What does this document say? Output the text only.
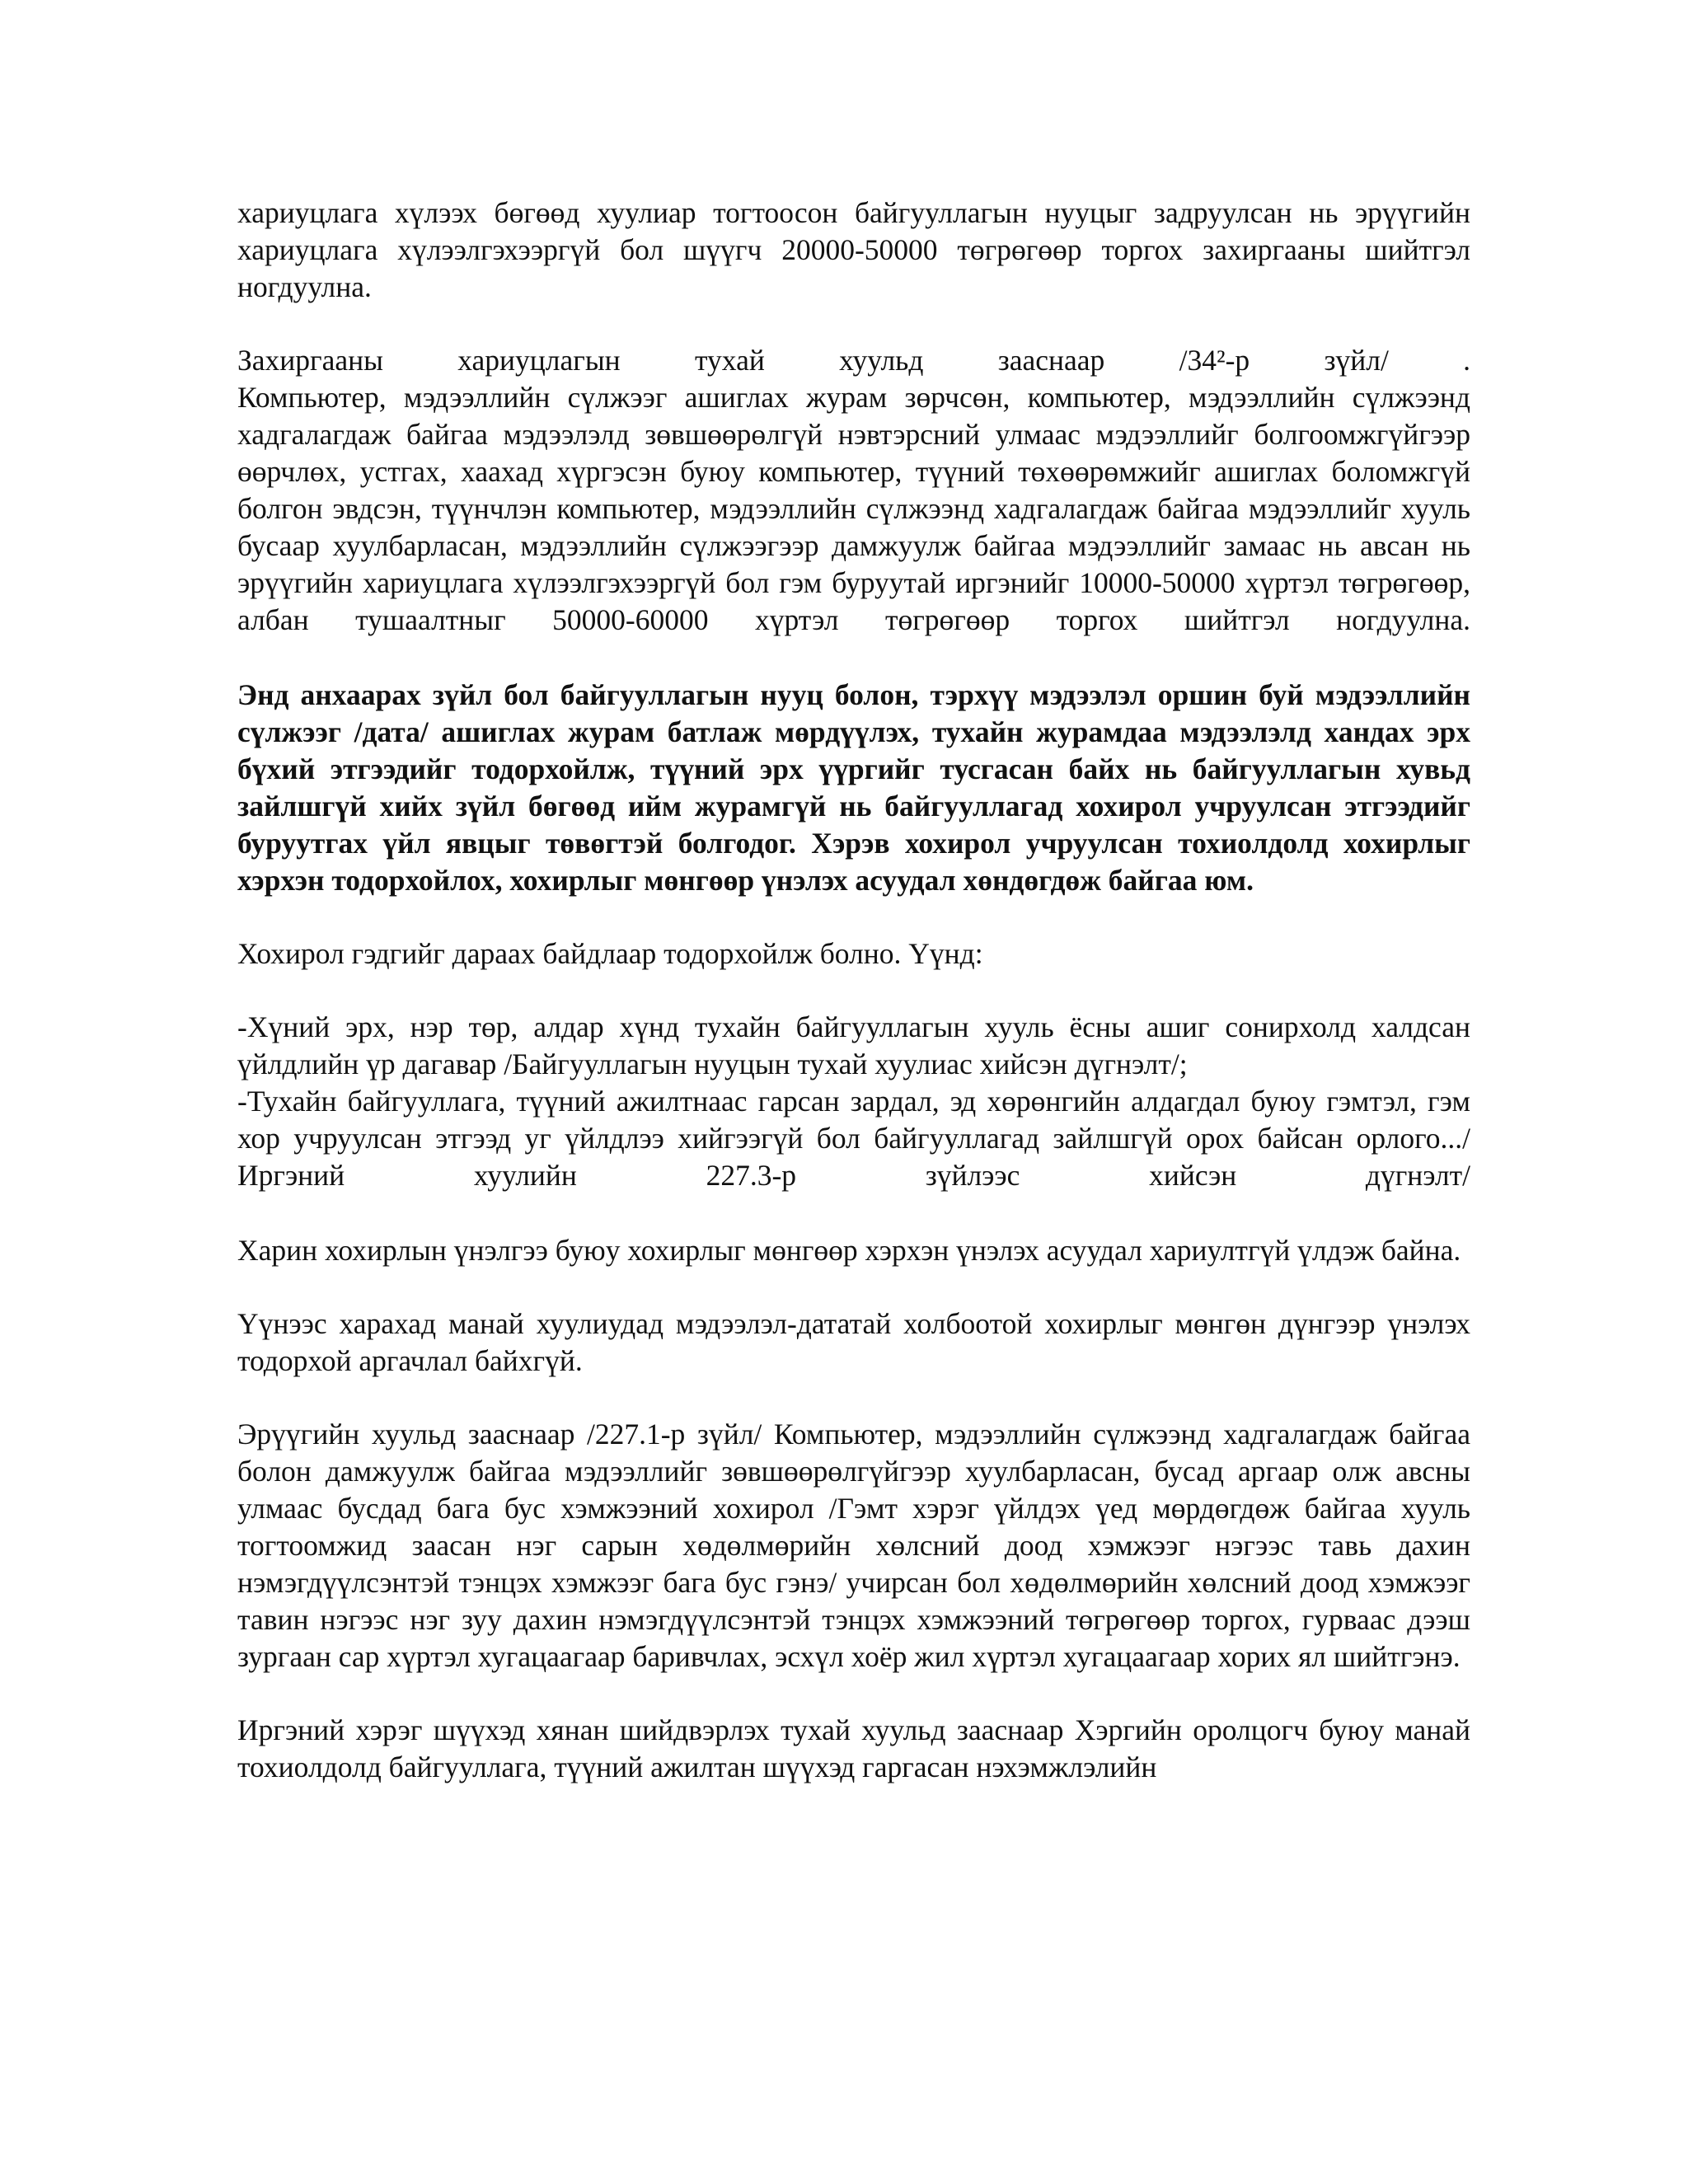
хариуцлага хүлээх бөгөөд хуулиар тогтоосон байгууллагын нууцыг задруулсан нь эрүүгийн хариуцлага хүлээлгэхээргүй бол шүүгч 20000-50000 төгрөгөөр торгох захиргааны шийтгэл ногдуулна.

Захиргааны хариуцлагын тухай хуульд зааснаар /34²-р зүйл/ .

Компьютер, мэдээллийн сүлжээг ашиглах журам зөрчсөн, компьютер, мэдээллийн сүлжээнд хадгалагдаж байгаа мэдээлэлд зөвшөөрөлгүй нэвтэрсний улмаас мэдээллийг болгоомжгүйгээр өөрчлөх, устгах, хаахад хүргэсэн буюу компьютер, түүний төхөөрөмжийг ашиглах боломжгүй болгон эвдсэн, түүнчлэн компьютер, мэдээллийн сүлжээнд хадгалагдаж байгаа мэдээллийг хууль бусаар хуулбарласан, мэдээллийн сүлжээгээр дамжуулж байгаа мэдээллийг замаас нь авсан нь эрүүгийн хариуцлага хүлээлгэхээргүй бол гэм буруутай иргэнийг 10000-50000 хүртэл төгрөгөөр, албан тушаалтныг 50000-60000 хүртэл төгрөгөөр торгох шийтгэл ногдуулна.

Энд анхаарах зүйл бол байгууллагын нууц болон, тэрхүү мэдээлэл оршин буй мэдээллийн сүлжээг /дата/ ашиглах журам батлаж мөрдүүлэх, тухайн журамдаа мэдээлэлд хандах эрх бүхий этгээдийг тодорхойлж, түүний эрх үүргийг тусгасан байх нь байгууллагын хувьд зайлшгүй хийх зүйл бөгөөд ийм журамгүй нь байгууллагад хохирол учруулсан этгээдийг буруутгах үйл явцыг төвөгтэй болгодог. Хэрэв хохирол учруулсан тохиолдолд хохирлыг хэрхэн тодорхойлох, хохирлыг мөнгөөр үнэлэх асуудал хөндөгдөж байгаа юм.

Хохирол гэдгийг дараах байдлаар тодорхойлж болно. Үүнд:

-Хүний эрх, нэр төр, алдар хүнд тухайн байгууллагын хууль ёсны ашиг сонирхолд халдсан үйлдлийн үр дагавар /Байгууллагын нууцын тухай хуулиас хийсэн дүгнэлт/;

-Тухайн байгууллага, түүний ажилтнаас гарсан зардал, эд хөрөнгийн алдагдал буюу гэмтэл, гэм хор учруулсан этгээд уг үйлдлээ хийгээгүй бол байгууллагад зайлшгүй орох байсан орлого.../Иргэний хуулийн 227.3-р зүйлээс хийсэн дүгнэлт/

Харин хохирлын үнэлгээ буюу хохирлыг мөнгөөр хэрхэн үнэлэх асуудал хариултгүй үлдэж байна.

Үүнээс харахад манай хуулиудад мэдээлэл-дататай холбоотой хохирлыг мөнгөн дүнгээр үнэлэх тодорхой аргачлал байхгүй.

Эрүүгийн хуульд зааснаар /227.1-р зүйл/ Компьютер, мэдээллийн сүлжээнд хадгалагдаж байгаа болон дамжуулж байгаа мэдээллийг зөвшөөрөлгүйгээр хуулбарласан, бусад аргаар олж авсны улмаас бусдад бага бус хэмжээний хохирол /Гэмт хэрэг үйлдэх үед мөрдөгдөж байгаа хууль тогтоомжид заасан нэг сарын хөдөлмөрийн хөлсний доод хэмжээг нэгээс тавь дахин нэмэгдүүлсэнтэй тэнцэх хэмжээг бага бус гэнэ/ учирсан бол хөдөлмөрийн хөлсний доод хэмжээг тавин нэгээс нэг зуу дахин нэмэгдүүлсэнтэй тэнцэх хэмжээний төгрөгөөр торгох, гурваас дээш зургаан сар хүртэл хугацаагаар баривчлах, эсхүл хоёр жил хүртэл хугацаагаар хорих ял шийтгэнэ.

Иргэний хэрэг шүүхэд хянан шийдвэрлэх тухай хуульд зааснаар Хэргийн оролцогч буюу манай тохиолдолд байгууллага, түүний ажилтан шүүхэд гаргасан нэхэмжлэлийн
